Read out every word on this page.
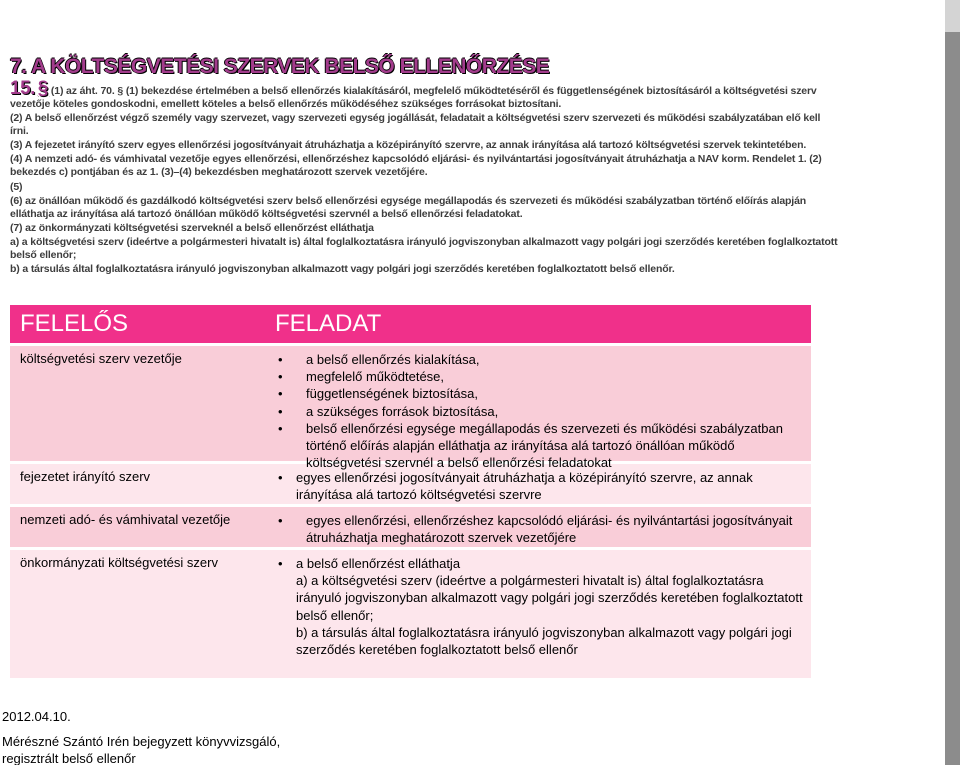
7. A KÖLTSÉGVETÉSI SZERVEK BELSŐ ELLENŐRZÉSE

15. § (1) az áht. 70. § (1) bekezdése értelmében a belső ellenőrzés kialakításáról, megfelelő működtetéséről és függetlenségének biztosításáról a költségvetési szerv vezetője köteles gondoskodni, emellett köteles a belső ellenőrzés működéséhez szükséges forrásokat biztosítani.

(2) A belső ellenőrzést végző személy vagy szervezet, vagy szervezeti egység jogállását, feladatait a költségvetési szerv szervezeti és működési szabályzatában elő kell írni.

(3) A fejezetet irányító szerv egyes ellenőrzési jogosítványait átruházhatja a középirányító szervre, az annak irányítása alá tartozó költségvetési szervek tekintetében.

(4) A nemzeti adó- és vámhivatal vezetője egyes ellenőrzési, ellenőrzéshez kapcsolódó eljárási- és nyilvántartási jogosítványait átruházhatja a NAV korm. Rendelet 1. (2) bekezdés c) pontjában és az 1. (3)–(4) bekezdésben meghatározott szervek vezetőjére.

(5)

(6) az önállóan működő és gazdálkodó költségvetési szerv belső ellenőrzési egysége megállapodás és szervezeti és működési szabályzatban történő előírás alapján elláthatja az irányítása alá tartozó önállóan működő költségvetési szervnél a belső ellenőrzési feladatokat.

(7) az önkormányzati költségvetési szerveknél a belső ellenőrzést elláthatja

a) a költségvetési szerv (ideértve a polgármesteri hivatalt is) által foglalkoztatásra irányuló jogviszonyban alkalmazott vagy polgári jogi szerződés keretében foglalkoztatott belső ellenőr;

b) a társulás által foglalkoztatásra irányuló jogviszonyban alkalmazott vagy polgári jogi szerződés keretében foglalkoztatott belső ellenőr.

FELELŐS	FELADAT
költségvetési szerv vezetője	• a belső ellenőrzés kialakítása,
• megfelelő működtetése,
• függetlenségének biztosítása,
• a szükséges források biztosítása,
• belső ellenőrzési egysége megállapodás és szervezeti és működési szabályzatban történő előírás alapján elláthatja az irányítása alá tartozó önállóan működő költségvetési szervnél a belső ellenőrzési feladatokat
fejezetet irányító szerv	• egyes ellenőrzési jogosítványait átruházhatja a középirányító szervre, az annak irányítása alá tartozó költségvetési szervre
nemzeti adó- és vámhivatal vezetője	• egyes ellenőrzési, ellenőrzéshez kapcsolódó eljárási- és nyilvántartási jogosítványait átruházhatja meghatározott szervek vezetőjére
önkormányzati költségvetési szerv	• a belső ellenőrzést elláthatja
a) a költségvetési szerv (ideértve a polgármesteri hivatalt is) által foglalkoztatásra irányuló jogviszonyban alkalmazott vagy polgári jogi szerződés keretében foglalkoztatott belső ellenőr;
b) a társulás által foglalkoztatásra irányuló jogviszonyban alkalmazott vagy polgári jogi szerződés keretében foglalkoztatott belső ellenőr
2012.04.10.
Mérészné Szántó Irén bejegyzett könyvvizsgáló,
regisztrált belső ellenőr
